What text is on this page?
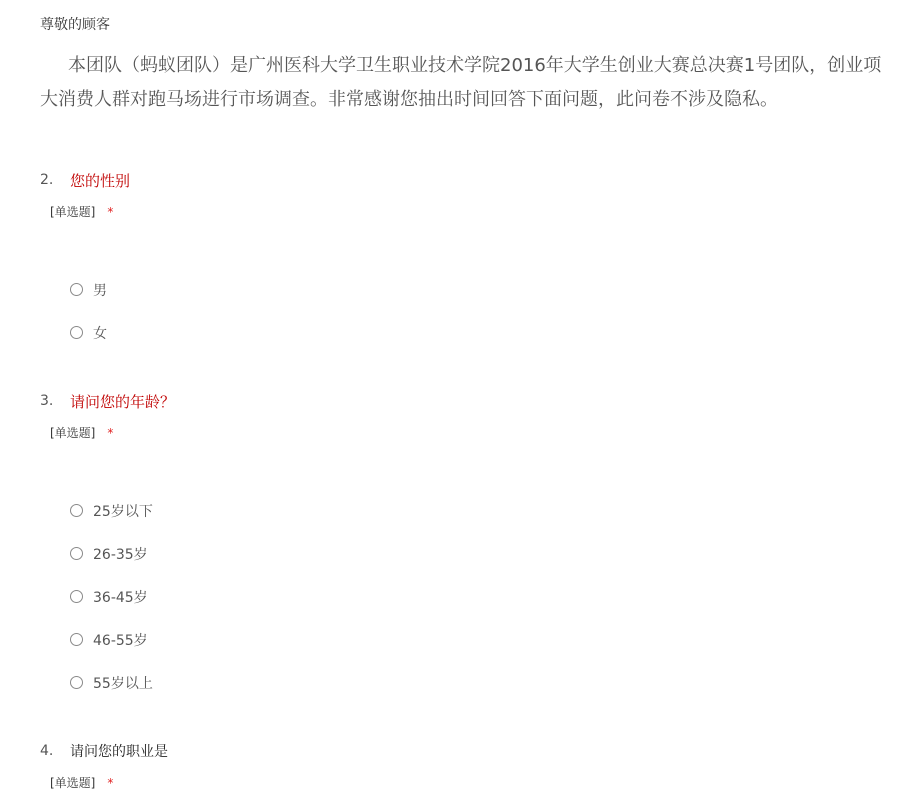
尊敬的顾客
本团队（蚂蚁团队）是广州医科大学卫生职业技术学院2016年大学生创业大赛总决赛1号团队，创业项
大消费人群对跑马场进行市场调查。非常感谢您抽出时间回答下面问题，此问卷不涉及隐私。
2.	您的性别
[单选题] *
男
女
3.	请问您的年龄？
[单选题] *
25岁以下
26-35岁
36-45岁
46-55岁
55岁以上
4.	请问您的职业是
[单选题] *
